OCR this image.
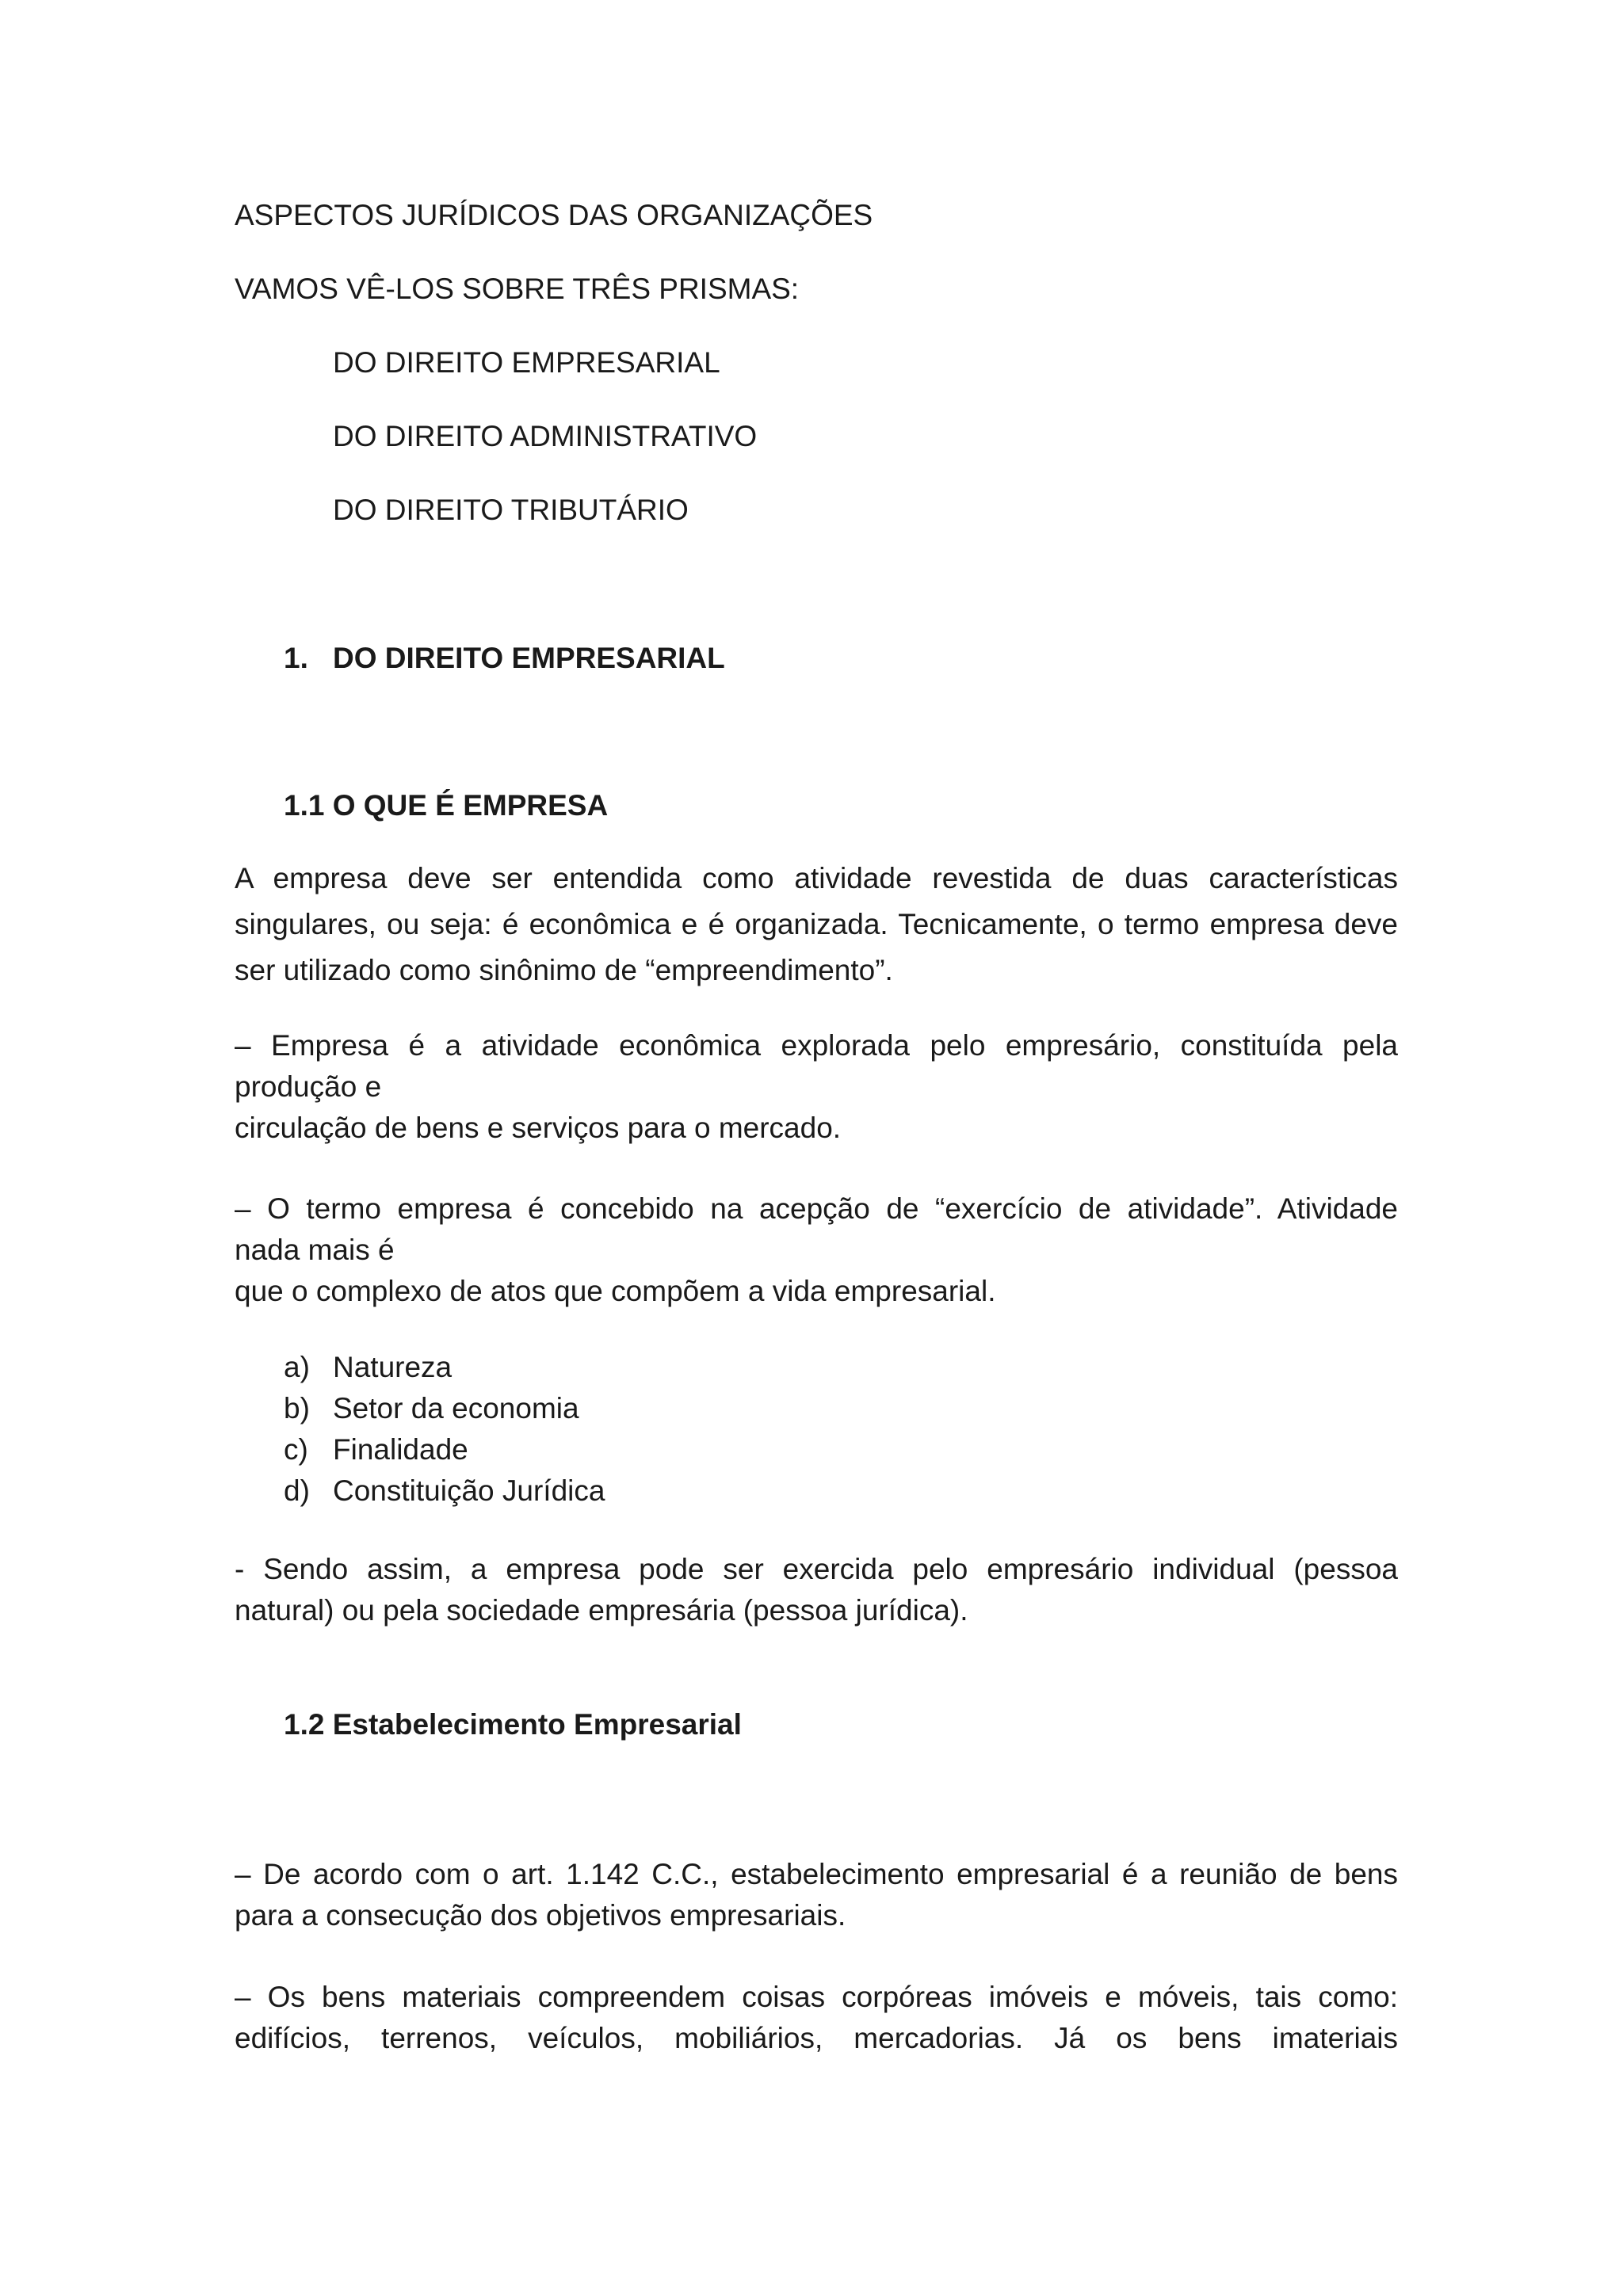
ASPECTOS JURÍDICOS DAS ORGANIZAÇÕES
VAMOS VÊ-LOS SOBRE TRÊS PRISMAS:
DO DIREITO EMPRESARIAL
DO DIREITO ADMINISTRATIVO
DO DIREITO TRIBUTÁRIO
1. DO DIREITO EMPRESARIAL
1.1 O QUE É EMPRESA
A empresa deve ser entendida como atividade revestida de duas características
singulares, ou seja: é econômica e é organizada. Tecnicamente, o termo empresa deve
ser utilizado como sinônimo de “empreendimento”.
– Empresa é a atividade econômica explorada pelo empresário, constituída pela
produção e
circulação de bens e serviços para o mercado.
– O termo empresa é concebido na acepção de “exercício de atividade”. Atividade
nada mais é
que o complexo de atos que compõem a vida empresarial.
a) Natureza
b) Setor da economia
c) Finalidade
d) Constituição Jurídica
- Sendo assim, a empresa pode ser exercida pelo empresário individual (pessoa
natural) ou pela sociedade empresária (pessoa jurídica).
1.2 Estabelecimento Empresarial
– De acordo com o art. 1.142 C.C., estabelecimento empresarial é a reunião de bens
para a consecução dos objetivos empresariais.
– Os bens materiais compreendem coisas corpóreas imóveis e móveis, tais como:
edifícios, terrenos, veículos, mobiliários, mercadorias. Já os bens imateriais
